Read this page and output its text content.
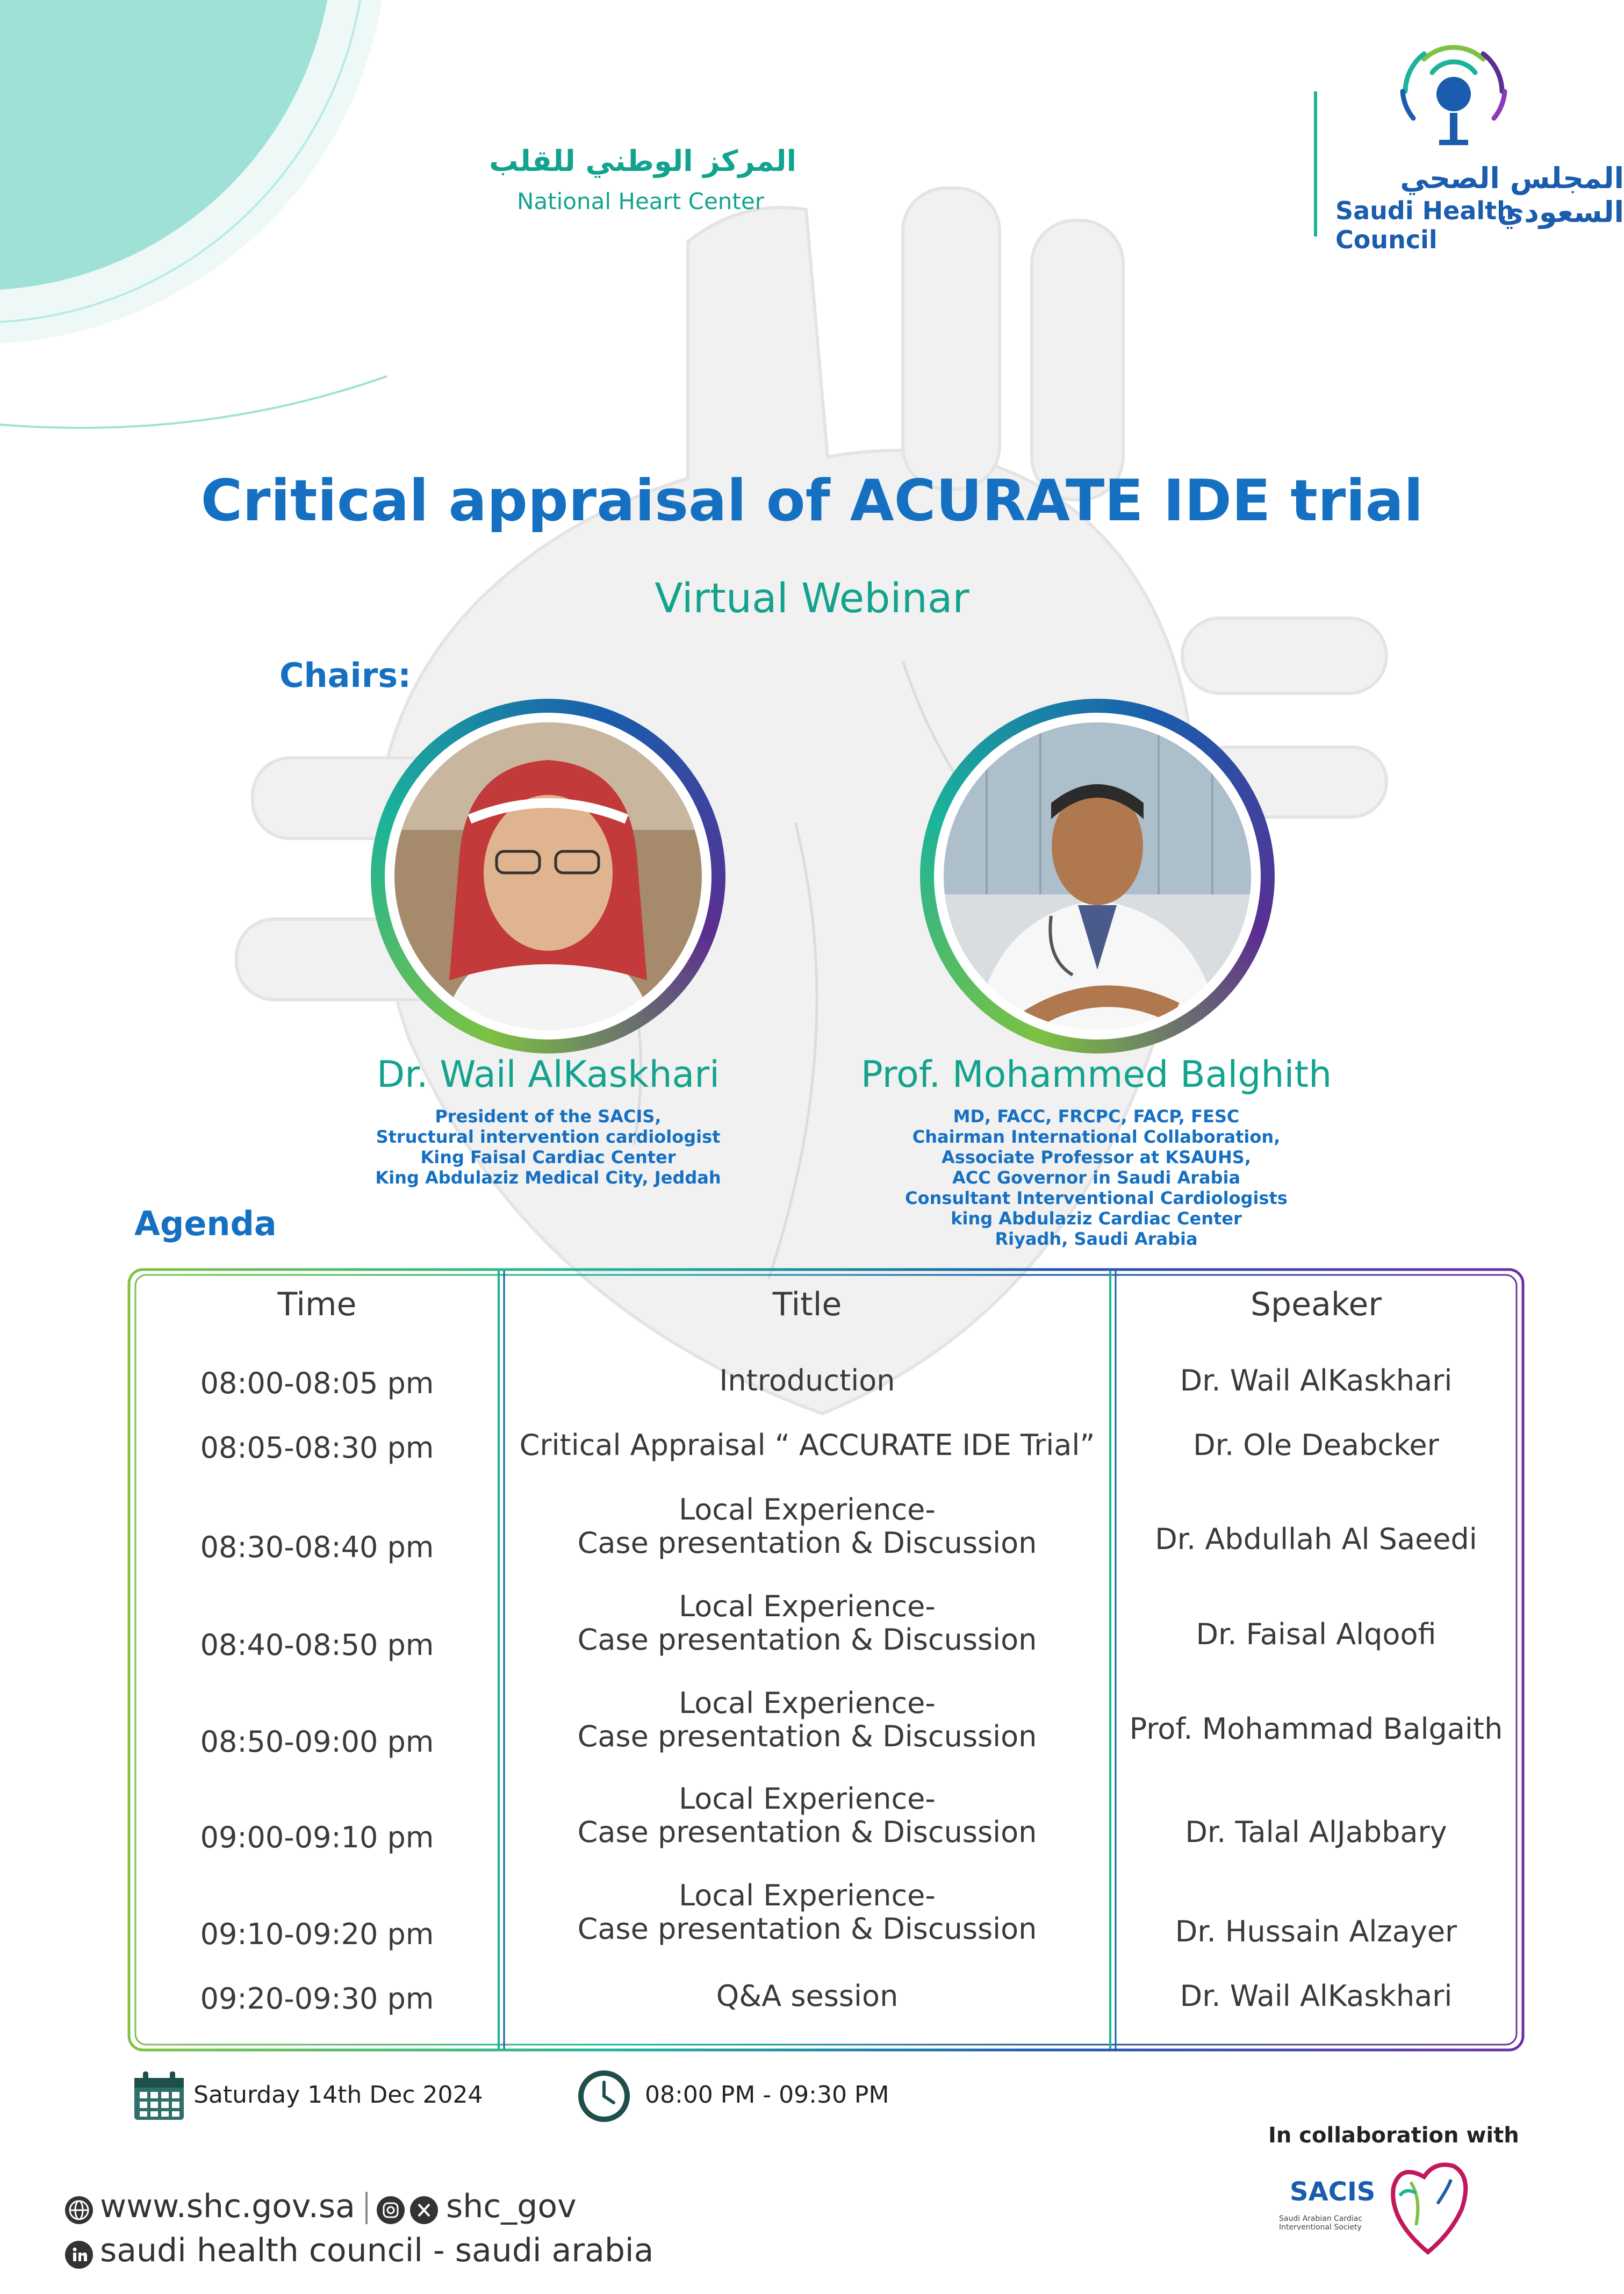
المركز الوطني للقلب
National Heart Center
المجلس الصحي السعودي
Saudi Health Council
Critical appraisal of ACURATE IDE trial
Virtual Webinar
Chairs:
Dr. Wail AlKaskhari
President of the SACIS,
Structural intervention cardiologist
King Faisal Cardiac Center
King Abdulaziz Medical City, Jeddah
Prof. Mohammed Balghith
MD, FACC, FRCPC, FACP, FESC
Chairman International Collaboration,
Associate Professor at KSAUHS,
ACC Governor in Saudi Arabia
Consultant Interventional Cardiologists
king Abdulaziz Cardiac Center
Riyadh, Saudi Arabia
Agenda
Time	Title	Speaker
08:00-08:05 pm	Introduction	Dr. Wail AlKaskhari
08:05-08:30 pm	Critical Appraisal “ ACCURATE IDE Trial”	Dr. Ole Deabcker
08:30-08:40 pm
Local Experience-
Case presentation & Discussion	Dr. Abdullah Al Saeedi
08:40-08:50 pm
Local Experience-
Case presentation & Discussion	Dr. Faisal Alqoofi
08:50-09:00 pm
Local Experience-
Case presentation & Discussion	Prof. Mohammad Balgaith
09:00-09:10 pm
Local Experience-
Case presentation & Discussion	Dr. Talal AlJabbary
09:10-09:20 pm
Local Experience-
Case presentation & Discussion	Dr. Hussain Alzayer
09:20-09:30 pm	Q&A session	Dr. Wail AlKaskhari
Saturday 14th Dec 2024	08:00 PM - 09:30 PM
In collaboration with
SACIS
Saudi Arabian Cardiac Interventional Society
www.shc.gov.sa	shc_gov
saudi health council - saudi arabia
